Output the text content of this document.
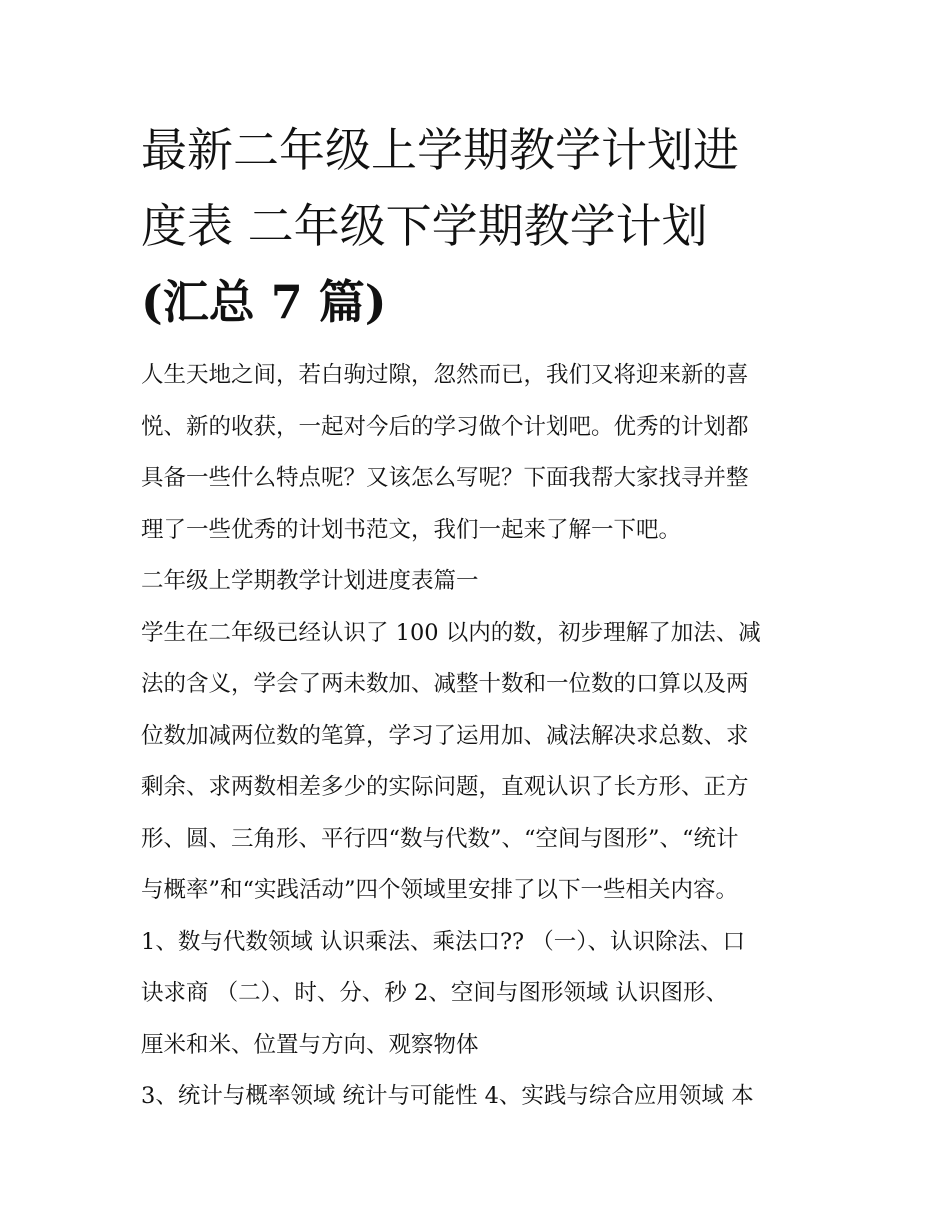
最新二年级上学期教学计划进
度表 二年级下学期教学计划
(汇总 7 篇)
人生天地之间，若白驹过隙，忽然而已，我们又将迎来新的喜
悦、新的收获，一起对今后的学习做个计划吧。优秀的计划都
具备一些什么特点呢？又该怎么写呢？下面我帮大家找寻并整
理了一些优秀的计划书范文，我们一起来了解一下吧。
二年级上学期教学计划进度表篇一
学生在二年级已经认识了 100 以内的数，初步理解了加法、减
法的含义，学会了两未数加、减整十数和一位数的口算以及两
位数加减两位数的笔算，学习了运用加、减法解决求总数、求
剩余、求两数相差多少的实际问题，直观认识了长方形、正方
形、圆、三角形、平行四“数与代数”、“空间与图形”、“统计
与概率”和“实践活动”四个领域里安排了以下一些相关内容。
1、数与代数领域 认识乘法、乘法口?? （一）、认识除法、口
诀求商 （二）、时、分、秒 2、空间与图形领域 认识图形、
厘米和米、位置与方向、观察物体
3、统计与概率领域 统计与可能性 4、实践与综合应用领域 本
